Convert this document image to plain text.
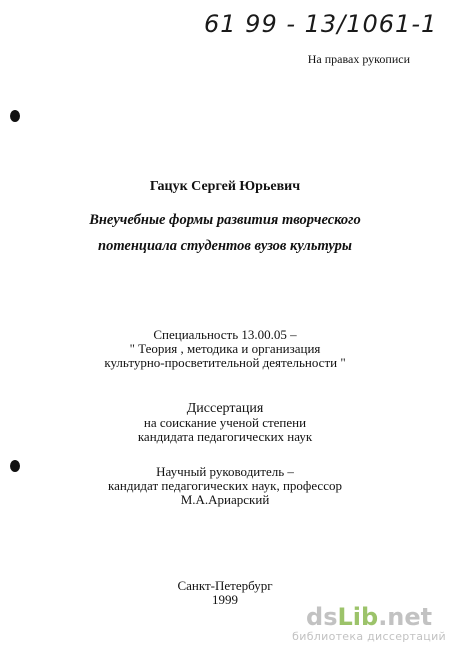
61 99 - 13/1061-1
На правах рукописи
Гацук Сергей Юрьевич
Внеучебные формы развития творческого
потенциала студентов вузов культуры
Специальность 13.00.05 –
" Теория , методика и организация
культурно-просветительной деятельности "
Диссертация
на соискание ученой степени
кандидата педагогических наук
Научный руководитель –
кандидат педагогических наук, профессор
М.А.Ариарский
Санкт-Петербург
1999
dsLib.net
библиотека диссертаций
